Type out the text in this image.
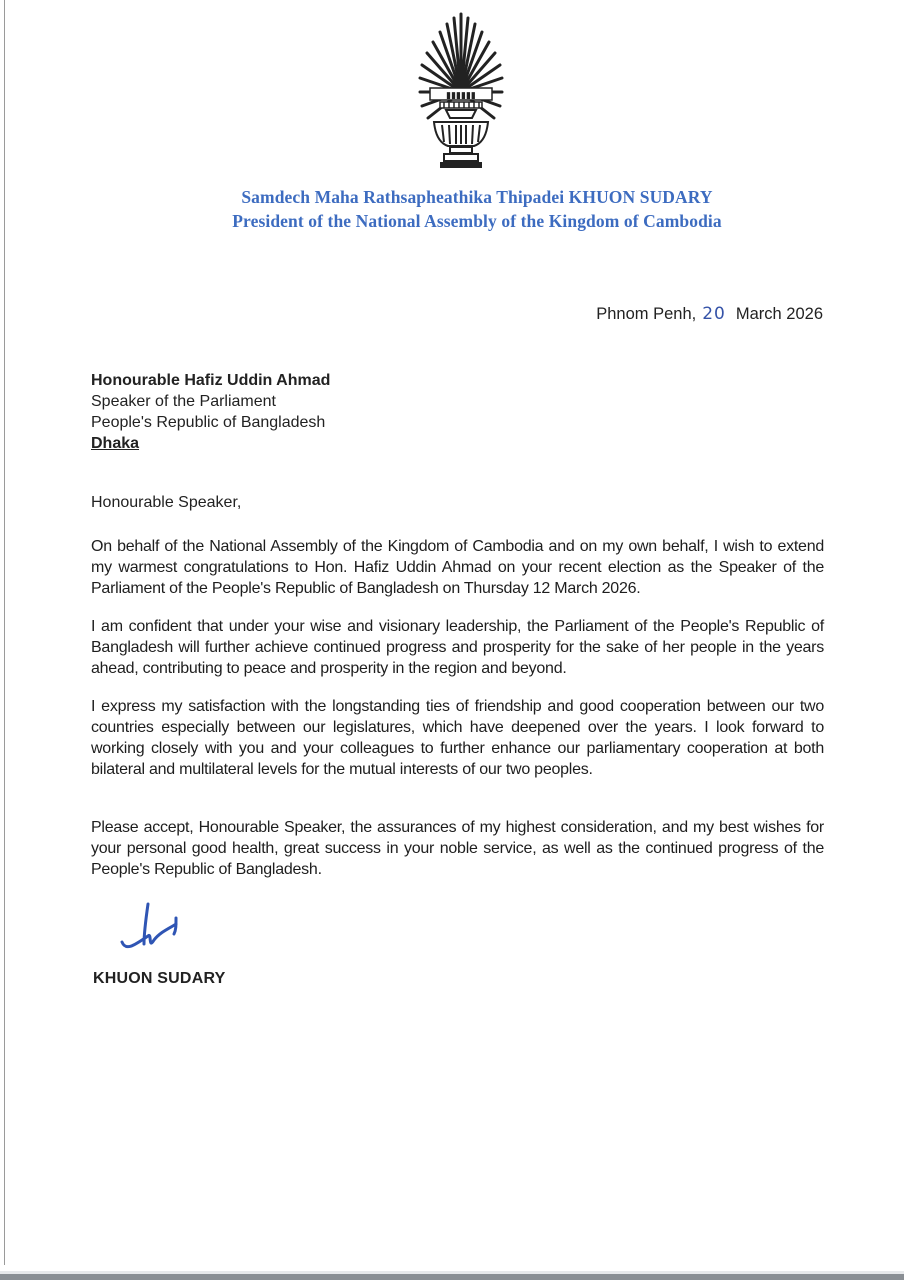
▮▮▮▮▮▮
Samdech Maha Rathsapheathika Thipadei KHUON SUDARY
President of the National Assembly of the Kingdom of Cambodia
Phnom Penh, 20 March 2026
Honourable Hafiz Uddin Ahmad
Speaker of the Parliament
People's Republic of Bangladesh
Dhaka
Honourable Speaker,
On behalf of the National Assembly of the Kingdom of Cambodia and on my own behalf, I wish to extend my warmest congratulations to Hon. Hafiz Uddin Ahmad on your recent election as the Speaker of the Parliament of the People's Republic of Bangladesh on Thursday 12 March 2026.
I am confident that under your wise and visionary leadership, the Parliament of the People's Republic of Bangladesh will further achieve continued progress and prosperity for the sake of her people in the years ahead, contributing to peace and prosperity in the region and beyond.
I express my satisfaction with the longstanding ties of friendship and good cooperation between our two countries especially between our legislatures, which have deepened over the years. I look forward to working closely with you and your colleagues to further enhance our parliamentary cooperation at both bilateral and multilateral levels for the mutual interests of our two peoples.
Please accept, Honourable Speaker, the assurances of my highest consideration, and my best wishes for your personal good health, great success in your noble service, as well as the continued progress of the People's Republic of Bangladesh.
KHUON SUDARY
